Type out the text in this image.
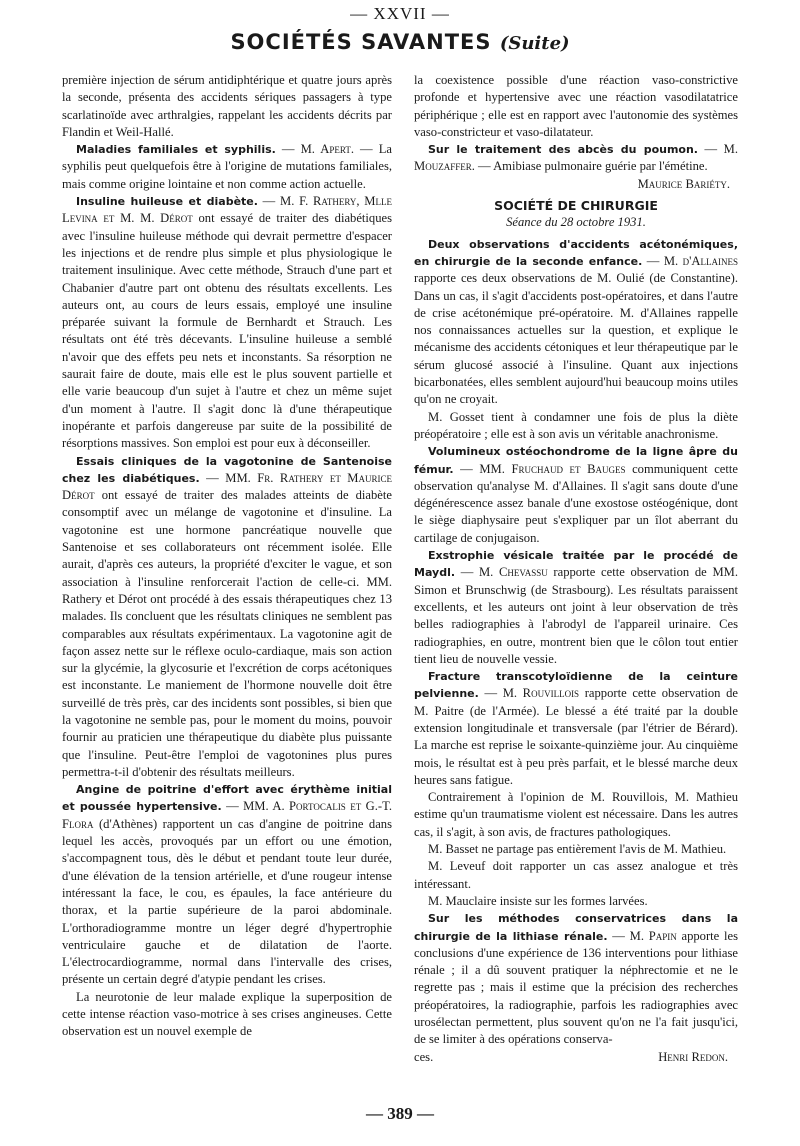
— XXVII —
SOCIÉTÉS SAVANTES (Suite)

première injection de sérum antidiphtérique et quatre jours après la seconde, présenta des accidents sériques passagers à type scarlatinoïde avec arthralgies, rappelant les accidents décrits par Flandin et Weil-Hallé.

Maladies familiales et syphilis. — M. Apert. — La syphilis peut quelquefois être à l'origine de mutations familiales, mais comme origine lointaine et non comme action actuelle.

Insuline huileuse et diabète. — M. F. Rathery, Mlle Levina et M. M. Dérot ont essayé de traiter des diabétiques avec l'insuline huileuse méthode qui devrait permettre d'espacer les injections et de rendre plus simple et plus physiologique le traitement insulinique. Avec cette méthode, Strauch d'une part et Chabanier d'autre part ont obtenu des résultats excellents. Les auteurs ont, au cours de leurs essais, employé une insuline préparée suivant la formule de Bernhardt et Strauch. Les résultats ont été très décevants. L'insuline huileuse a semblé n'avoir que des effets peu nets et inconstants. Sa résorption ne saurait faire de doute, mais elle est le plus souvent partielle et elle varie beaucoup d'un sujet à l'autre et chez un même sujet d'un moment à l'autre. Il s'agit donc là d'une thérapeutique inopérante et parfois dangereuse par suite de la possibilité de résorptions massives. Son emploi est pour eux à déconseiller.

Essais cliniques de la vagotonine de Santenoise chez les diabétiques. — MM. Fr. Rathery et Maurice Dérot ont essayé de traiter des malades atteints de diabète consomptif avec un mélange de vagotonine et d'insuline. La vagotonine est une hormone pancréatique nouvelle que Santenoise et ses collaborateurs ont récemment isolée. Elle aurait, d'après ces auteurs, la propriété d'exciter le vague, et son association à l'insuline renforcerait l'action de celle-ci. MM. Rathery et Dérot ont procédé à des essais thérapeutiques chez 13 malades. Ils concluent que les résultats cliniques ne semblent pas comparables aux résultats expérimentaux. La vagotonine agit de façon assez nette sur le réflexe oculo-cardiaque, mais son action sur la glycémie, la glycosurie et l'excrétion de corps acétoniques est inconstante. Le maniement de l'hormone nouvelle doit être surveillé de très près, car des incidents sont possibles, si bien que la vagotonine ne semble pas, pour le moment du moins, pouvoir fournir au praticien une thérapeutique du diabète plus puissante que l'insuline. Peut-être l'emploi de vagotonines plus pures permettra-t-il d'obtenir des résultats meilleurs.

Angine de poitrine d'effort avec érythème initial et poussée hypertensive. — MM. A. Portocalis et G.-T. Flora (d'Athènes) rapportent un cas d'angine de poitrine dans lequel les accès, provoqués par un effort ou une émotion, s'accompagnent tous, dès le début et pendant toute leur durée, d'une élévation de la tension artérielle, et d'une rougeur intense intéressant la face, le cou, es épaules, la face antérieure du thorax, et la partie supérieure de la paroi abdominale. L'orthoradiogramme montre un léger degré d'hypertrophie ventriculaire gauche et de dilatation de l'aorte. L'électrocardiogramme, normal dans l'intervalle des crises, présente un certain degré d'atypie pendant les crises.

La neurotonie de leur malade explique la superposition de cette intense réaction vaso-motrice à ses crises angineuses. Cette observation est un nouvel exemple de

la coexistence possible d'une réaction vaso-constrictive profonde et hypertensive avec une réaction vasodilatatrice périphérique ; elle est en rapport avec l'autonomie des systèmes vaso-constricteur et vaso-dilatateur.

Sur le traitement des abcès du poumon. — M. Mouzaffer. — Amibiase pulmonaire guérie par l'émétine.

Maurice Bariéty.

SOCIÉTÉ DE CHIRURGIE

Séance du 28 octobre 1931.

Deux observations d'accidents acétonémiques, en chirurgie de la seconde enfance. — M. d'Allaines rapporte ces deux observations de M. Oulié (de Constantine). Dans un cas, il s'agit d'accidents post-opératoires, et dans l'autre de crise acétonémique pré-opératoire. M. d'Allaines rappelle nos connaissances actuelles sur la question, et explique le mécanisme des accidents cétoniques et leur thérapeutique par le sérum glucosé associé à l'insuline. Quant aux injections bicarbonatées, elles semblent aujourd'hui beaucoup moins utiles qu'on ne croyait.

M. Gosset tient à condamner une fois de plus la diète préopératoire ; elle est à son avis un véritable anachronisme.

Volumineux ostéochondrome de la ligne âpre du fémur. — MM. Fruchaud et Bauges communiquent cette observation qu'analyse M. d'Allaines. Il s'agit sans doute d'une dégénérescence assez banale d'une exostose ostéogénique, dont le siège diaphysaire peut s'expliquer par un îlot aberrant du cartilage de conjugaison.

Exstrophie vésicale traitée par le procédé de Maydl. — M. Chevassu rapporte cette observation de MM. Simon et Brunschwig (de Strasbourg). Les résultats paraissent excellents, et les auteurs ont joint à leur observation de très belles radiographies à l'abrodyl de l'appareil urinaire. Ces radiographies, en outre, montrent bien que le côlon tout entier tient lieu de nouvelle vessie.

Fracture transcotyloïdienne de la ceinture pelvienne. — M. Rouvillois rapporte cette observation de M. Paitre (de l'Armée). Le blessé a été traité par la double extension longitudinale et transversale (par l'étrier de Bérard). La marche est reprise le soixante-quinzième jour. Au cinquième mois, le résultat est à peu près parfait, et le blessé marche deux heures sans fatigue.

Contrairement à l'opinion de M. Rouvillois, M. Mathieu estime qu'un traumatisme violent est nécessaire. Dans les autres cas, il s'agit, à son avis, de fractures pathologiques.

M. Basset ne partage pas entièrement l'avis de M. Mathieu.

M. Leveuf doit rapporter un cas assez analogue et très intéressant.

M. Mauclaire insiste sur les formes larvées.

Sur les méthodes conservatrices dans la chirurgie de la lithiase rénale. — M. Papin apporte les conclusions d'une expérience de 136 interventions pour lithiase rénale ; il a dû souvent pratiquer la néphrectomie et ne le regrette pas ; mais il estime que la précision des recherches préopératoires, la radiographie, parfois les radiographies avec urosélectan permettent, plus souvent qu'on ne l'a fait jusqu'ici, de se limiter à des opérations conserva-

ces.	Henri Redon.

— 389 —
